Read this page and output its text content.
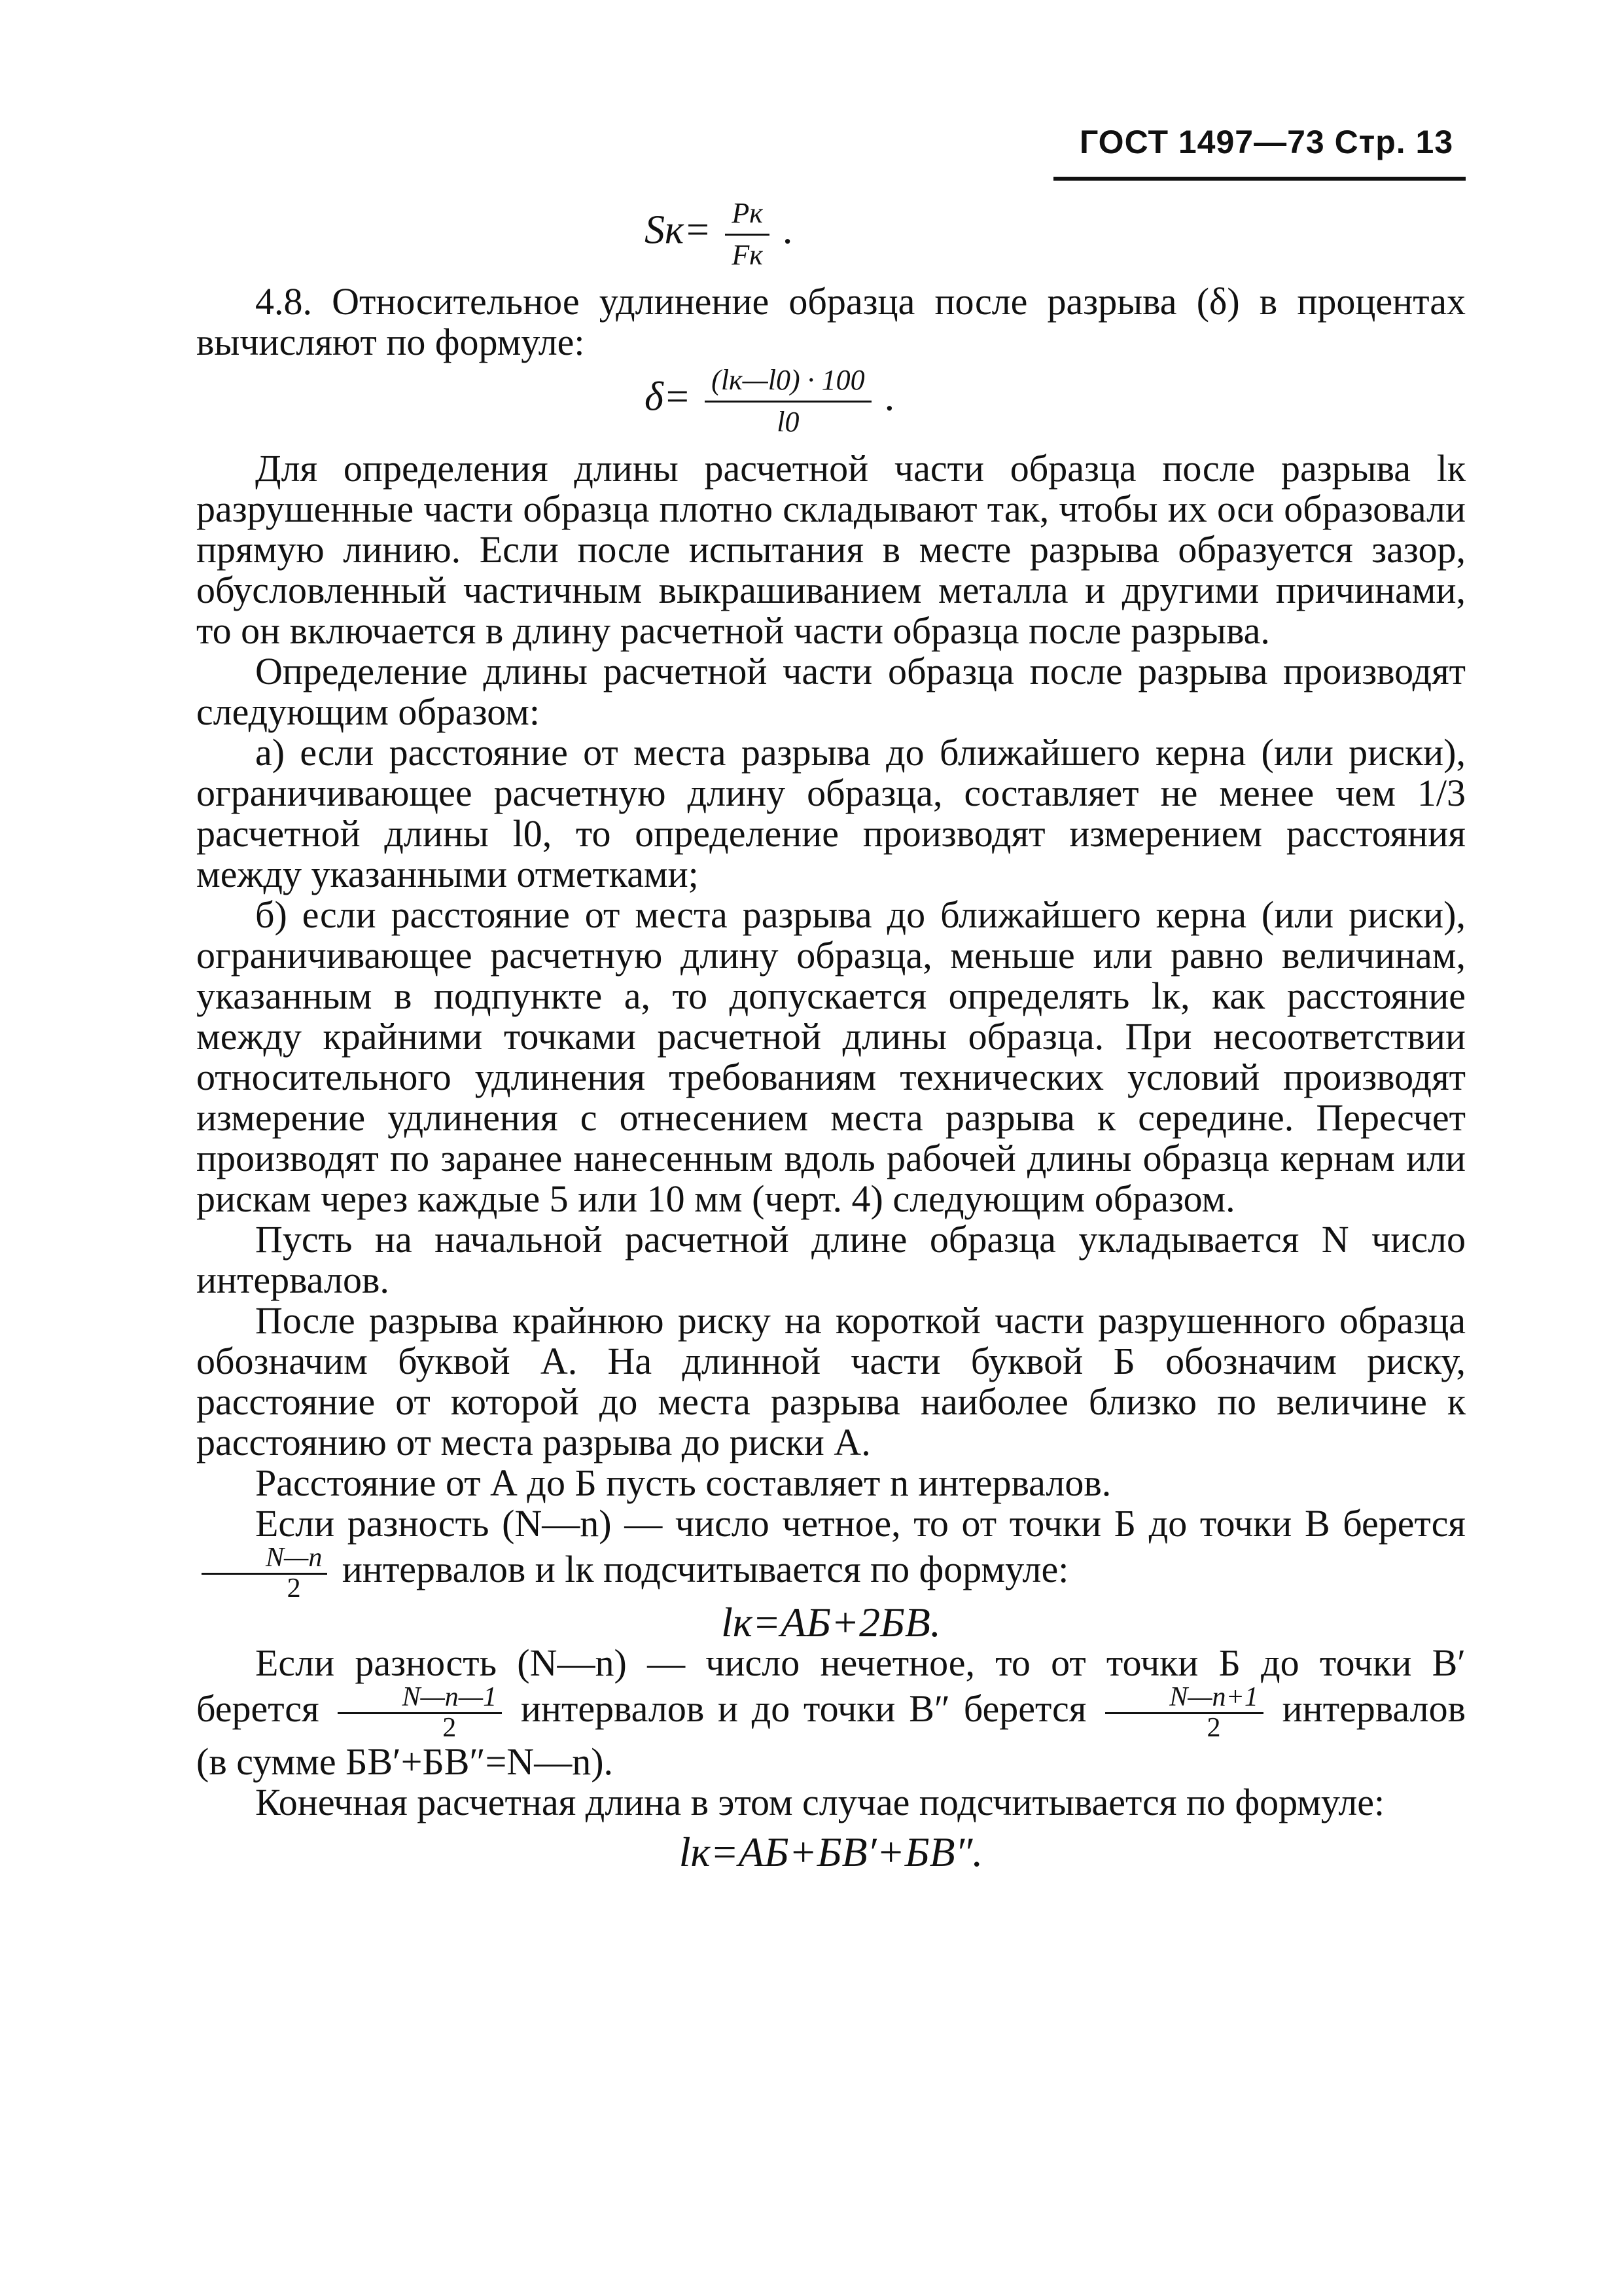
ГОСТ 1497—73 Стр. 13
$Sк= \frac{Pк}{Fк}$ .

4.8. Относительное удлинение образца после разрыва (δ) в процентах вычисляют по формуле:

$\delta= \frac{(lк—l0) \cdot 100}{l0}$ .

Для определения длины расчетной части образца после разрыва lк разрушенные части образца плотно складывают так, чтобы их оси образовали прямую линию. Если после испытания в месте разрыва образуется зазор, обусловленный частичным выкрашиванием металла и другими причинами, то он включается в длину расчетной части образца после разрыва.

Определение длины расчетной части образца после разрыва производят следующим образом:

а) если расстояние от места разрыва до ближайшего керна (или риски), ограничивающее расчетную длину образца, составляет не менее чем 1/3 расчетной длины l0, то определение производят измерением расстояния между указанными отметками;

б) если расстояние от места разрыва до ближайшего керна (или риски), ограничивающее расчетную длину образца, меньше или равно величинам, указанным в подпункте а, то допускается определять lк, как расстояние между крайними точками расчетной длины образца. При несоответствии относительного удлинения требованиям технических условий производят измерение удлинения с отнесением места разрыва к середине. Пересчет производят по заранее нанесенным вдоль рабочей длины образца кернам или рискам через каждые 5 или 10 мм (черт. 4) следующим образом.

Пусть на начальной расчетной длине образца укладывается N число интервалов.

После разрыва крайнюю риску на короткой части разрушенного образца обозначим буквой А. На длинной части буквой Б обозначим риску, расстояние от которой до места разрыва наиболее близко по величине к расстоянию от места разрыва до риски А.

Расстояние от А до Б пусть составляет n интервалов.

Если разность (N—n) — число четное, то от точки Б до точки В берется
$\frac{N—n}{2}$ интервалов и lк подсчитывается по формуле:

lк=АБ+2БВ.

Если разность (N—n) — число нечетное, то от точки Б до точки В′ берется $\frac{N—n—1}{2}$ интервалов и до точки В″ берется $\frac{N—n+1}{2}$ интервалов (в сумме БВ′+БВ″=N—n).

Конечная расчетная длина в этом случае подсчитывается по формуле:

lк=АБ+БВ′+БВ″.
